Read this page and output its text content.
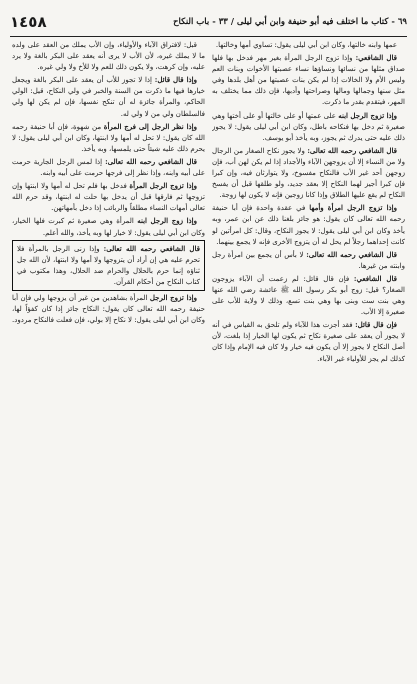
١٤٥٨	٦٩ - كتاب ما اختلف فيه أبو حنيفة وابن أبي ليلى / ٣٣ - باب النكاح

عمها وابنه خالتها، وكان ابن أبي ليلى يقول: تساوي أمها وخالتها.

قال الشافعي: وإذا تزوج الرجل المرأة بغير مهر فدخل بها فلها صداق مثلها من نسائها ونساؤها نساء عصبتها الأخوات وبنات العم وليس الأم ولا الخالات إذا لم يكن بنات عصبتها من أهل بلدها وفي مثل سنها وجمالها ومالها وصراحتها وأدبها، فإن ذلك مما يختلف به المهر، فيتقدم بقدر ما ذكرت.

وإذا تزوج الرجل ابنه على عمتها أو على خالتها أو على أختها وهي صغيرة ثم دخل بها فنكاحه باطل، وكان ابن أبي ليلى يقول: لا يجوز ذلك عليه حتى يدرك ثم يجوز، وبه يأخذ أبو يوسف.

قال الشافعي رحمه الله تعالى: ولا يجوز نكاح الصغار من الرجال ولا من النساء إلا أن يزوجهن الآباء والأجداد إذا لم يكن لهن أب، فإن زوجهن أحد غير الأب فالنكاح مفسوخ، ولا يتوارثان فيه، وإن كبرا فإن كبرا أجيز لهما النكاح إلا بعقد جديد، ولو طلقها قبل أن يفسخ النكاح لم يقع عليها الطلاق وإذا كانا زوجين فإنه لا يكون لها زوجة.

وإذا تزوج الرجل امرأة وأمها في عقدة واحدة فإن أبا حنيفة رحمه الله تعالى كان يقول: هو جائز بلغنا ذلك عن ابن عمر، وبه يأخذ وكان ابن أبي ليلى يقول: لا يجوز النكاح، وقال: كل امرأتين لو كانت إحداهما رجلاً لم يحل له أن يتزوج الأخرى فإنه لا يجمع بينهما.

قال الشافعي رحمه الله تعالى: لا بأس أن يجمع بين امرأة رجل وابنته من غيرها.

قال الشافعي: فإن قال قائل: لم زعمت أن الآباء يزوجون الصغار؟ قيل: زوج أبو بكر رسول الله ﷺ عائشة رضي الله عنها وهي بنت ست وبنى بها وهي بنت تسع، وذلك لا ولاية للأب على صغيرة إلا الأب.

فإن قال قائل: فقد أجزت هذا للآباء ولم تلحق به القياس في أنه لا يجوز أن يعقد على صغيرة نكاح ثم يكون لها الخيار إذا بلغت، لأن أصل النكاح لا يجوز إلا أن يكون فيه خيار ولا كان فيه الإمام وإذا كان كذلك لم يجز للأولياء غير الآباء.

قبل: لافتراق الآباء والأولياء، وإن الأب يملك من العقد على ولده ما لا يملك غيره، لأن الأب لا يرى أنه يعقد على البكر بالغة ولا يرد عليه، وإن كرهت، ولا يكون ذلك للعم ولا للأخ ولا ولي غيره.

وإذا قال قائل: إذا لا تجوز للأب أن يعقد على البكر بالغة ويجعل خيارها فيها ما ذكرت من السنة والخبر في ولي النكاح، قيل: الولي الحاكم، والمرأة جائزة له أن تنكح نفسها، فإن لم يكن لها ولي فالسلطان ولي من لا ولي له.

وإذا نظر الرجل إلى فرج المرأة من شهوة، فإن أبا حنيفة رحمه الله كان يقول: لا تحل له أمها ولا ابنتها، وكان ابن أبي ليلى يقول: لا يحرم ذلك عليه شيئاً حتى يلمسها، وبه يأخذ.

قال الشافعي رحمه الله تعالى: إذا لمس الرجل الجارية حرمت على أبيه وابنه، وإذا نظر إلى فرجها حرمت على أبيه وابنه.

وإذا تزوج الرجل المرأة فدخل بها فلم تحل له أمها ولا ابنتها وإن تزوجها ثم فارقها قبل أن يدخل بها حلت له ابنتها، وقد حرم الله تعالى أمهات النساء مطلقاً والربائب إذا دخل بأمهاتهن.

وإذا زوج الرجل ابنه المرأة وهي صغيرة ثم كبرت فلها الخيار، وكان ابن أبي ليلى يقول: لا خيار لها وبه يأخذ، والله أعلم.

قال الشافعي رحمه الله تعالى: وإذا زنى الرجل بالمرأة فلا تحرم عليه هي إن أراد أن يتزوجها ولا أمها ولا ابنتها، لأن الله جل ثناؤه إنما حرم بالحلال والحرام ضد الحلال، وهذا مكتوب في كتاب النكاح من أحكام القرآن.

وإذا تزوج الرجل المرأة بشاهدين من غير أن يزوجها ولي فإن أبا حنيفة رحمه الله تعالى كان يقول: النكاح جائز إذا كان كفؤاً لها، وكان ابن أبي ليلى يقول: لا نكاح إلا بولي، فإن فعلت فالنكاح مردود.
